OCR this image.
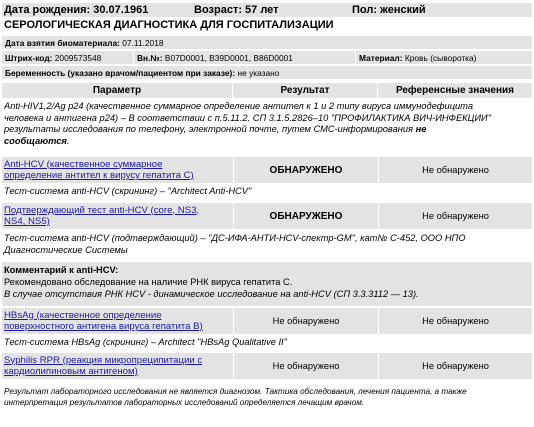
Дата рождения: 30.07.1961	Возраст: 57 лет	Пол: женский
СЕРОЛОГИЧЕСКАЯ ДИАГНОСТИКА ДЛЯ ГОСПИТАЛИЗАЦИИ
Дата взятия биоматериала:
07.11.2018
Штрих-код:
2009573548	Вн.№:
B07D0001, B39D0001, B86D0001	Материал:
Кровь (сыворотка)
Беременность (указано врачом/пациентом при заказе):
не указано
Параметр	Результат	Референсные значения
Anti-HIV1,2/Ag p24 (качественное суммарное определение антител к 1 и 2 типу вируса иммунодефицита
человека и антигена p24) – В соответствии с п.5.11.2. СП 3.1.5.2826–10 "ПРОФИЛАКТИКА ВИЧ-ИНФЕКЦИИ"
результаты исследования по телефону, электронной почте, путем СМС-информирования не
сообщаются.
Anti-HCV (качественное суммарное
определение антител к вирусу гепатита C)	ОБНАРУЖЕНО	Не обнаружено
Тест-система anti-HCV (скрининг) – "Architect Anti-HCV"
Подтверждающий тест anti-HCV (core, NS3,
NS4, NS5)	ОБНАРУЖЕНО	Не обнаружено
Тест-система anti-HCV (подтверждающий) – "ДС-ИФА-АНТИ-HCV-спектр-GM", кат№ C-452, ООО НПО
Диагностические Системы
Комментарий к anti-HCV:
Рекомендовано обследование на наличие РНК вируса гепатита С.
В случае отсутствия РНК HCV - динамическое исследование на anti-HCV (СП 3.3.3112 — 13).
HBsAg (качественное определение
поверхностного антигена вируса гепатита B)	Не обнаружено	Не обнаружено
Тест-система HBsAg (скрининг) – Architect "HBsAg Qualitative II"
Syphilis RPR (реакция микропреципитации с
кардиолипиновым антигеном)	Не обнаружено	Не обнаружено
Результат лабораторного исследования не является диагнозом. Тактика обследования, лечения пациента, а также
интерпретация результатов лабораторных исследований определяется лечащим врачом.
